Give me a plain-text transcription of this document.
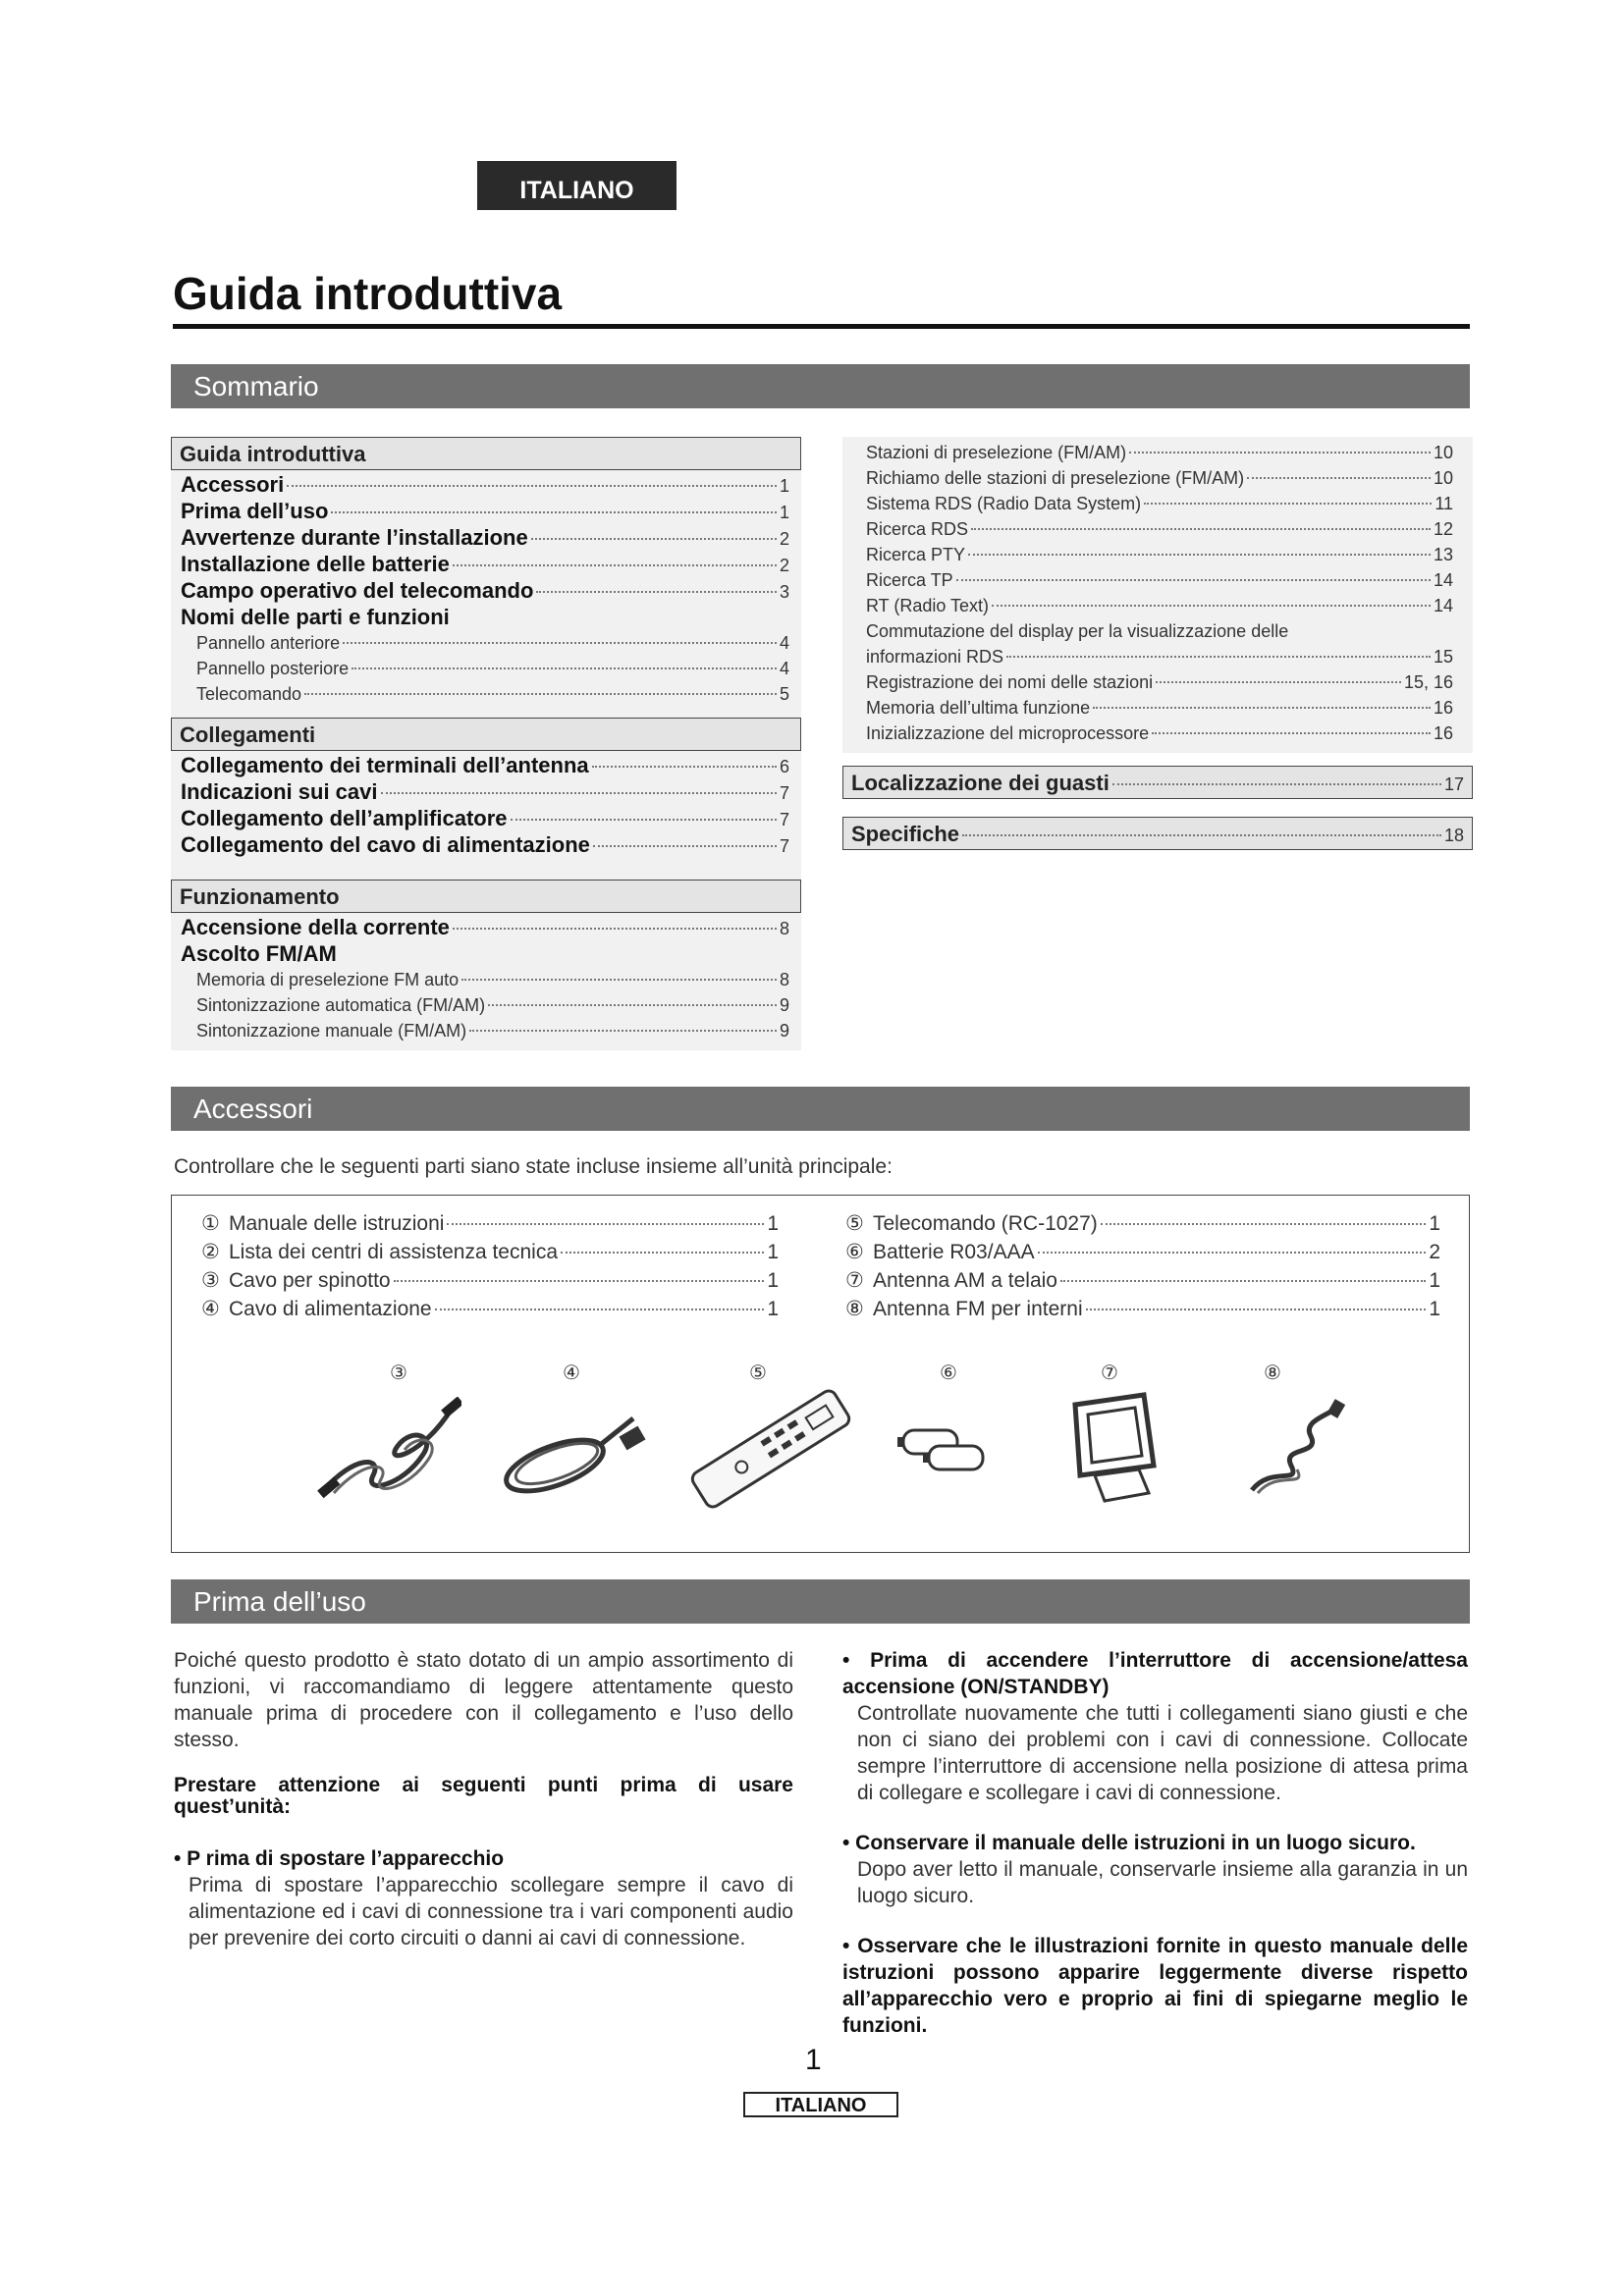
ITALIANO
Guida introduttiva
Sommario
Guida introduttiva
Accessori	1
Prima dell’uso	1
Avvertenze durante l’installazione	2
Installazione delle batterie	2
Campo operativo del telecomando	3
Nomi delle parti e funzioni
Pannello anteriore	4
Pannello posteriore	4
Telecomando	5
Collegamenti
Collegamento dei terminali dell’antenna	6
Indicazioni sui cavi	7
Collegamento dell’amplificatore	7
Collegamento del cavo di alimentazione	7
Funzionamento
Accensione della corrente	8
Ascolto FM/AM
Memoria di preselezione FM auto	8
Sintonizzazione automatica (FM/AM)	9
Sintonizzazione manuale (FM/AM)	9
Stazioni di preselezione (FM/AM)	10
Richiamo delle stazioni di preselezione (FM/AM)	10
Sistema RDS (Radio Data System)	11
Ricerca RDS	12
Ricerca PTY	13
Ricerca TP	14
RT (Radio Text)	14
Commutazione del display per la visualizzazione delle
informazioni RDS	15
Registrazione dei nomi delle stazioni	15, 16
Memoria dell’ultima funzione	16
Inizializzazione del microprocessore	16
Localizzazione dei guasti	17
Specifiche	18
Accessori
Controllare che le seguenti parti siano state incluse insieme all’unità principale:
① Manuale delle istruzioni	1
② Lista dei centri di assistenza tecnica	1
③ Cavo per spinotto	1
④ Cavo di alimentazione	1
⑤ Telecomando (RC-1027)	1
⑥ Batterie R03/AAA	2
⑦ Antenna AM a telaio	1
⑧ Antenna FM per interni	1
③	④	⑤	⑥	⑦	⑧
Prima dell’uso
Poiché questo prodotto è stato dotato di un ampio assortimento di funzioni, vi raccomandiamo di leggere attentamente questo manuale prima di procedere con il collegamento e l’uso dello stesso.
Prestare attenzione ai seguenti punti prima di usare quest’unità:
• P rima di spostare l’apparecchio
Prima di spostare l’apparecchio scollegare sempre il cavo di alimentazione ed i cavi di connessione tra i vari componenti audio per prevenire dei corto circuiti o danni ai cavi di connessione.
• Prima di accendere l’interruttore di accensione/attesa accensione (ON/STANDBY)
Controllate nuovamente che tutti i collegamenti siano giusti e che non ci siano dei problemi con i cavi di connessione. Collocate sempre l’interruttore di accensione nella posizione di attesa prima di collegare e scollegare i cavi di connessione.
• Conservare il manuale delle istruzioni in un luogo sicuro.
Dopo aver letto il manuale, conservarle insieme alla garanzia in un luogo sicuro.
• Osservare che le illustrazioni fornite in questo manuale delle istruzioni possono apparire leggermente diverse rispetto all’apparecchio vero e proprio ai fini di spiegarne meglio le funzioni.
1
ITALIANO
